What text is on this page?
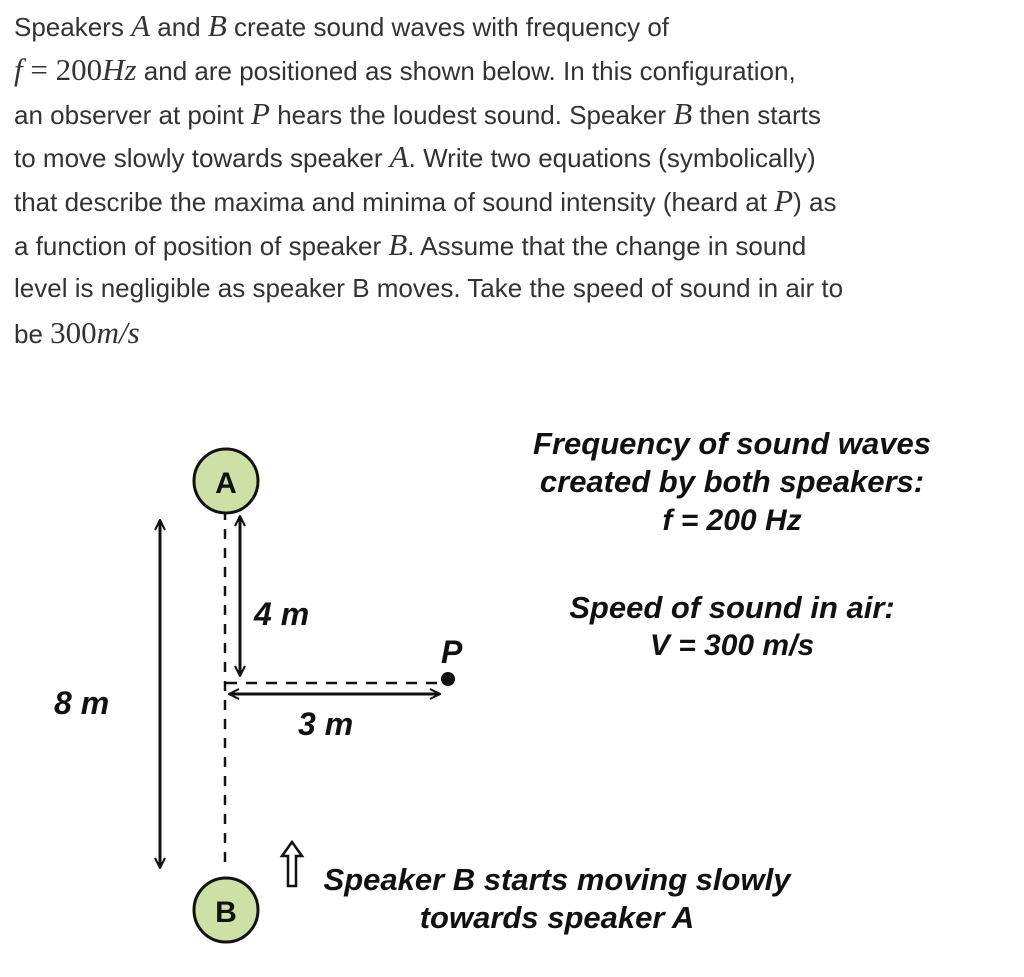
Speakers A and B create sound waves with frequency of
f = 200Hz and are positioned as shown below. In this configuration,
an observer at point P hears the loudest sound. Speaker B then starts
to move slowly towards speaker A. Write two equations (symbolically)
that describe the maxima and minima of sound intensity (heard at P) as
a function of position of speaker B. Assume that the change in sound
level is negligible as speaker B moves. Take the speed of sound in air to
be 300m/s
A
B
4 m
3 m
8 m
P
Frequency of sound waves
created by both speakers:
f = 200 Hz
Speed of sound in air:
V = 300 m/s
Speaker B starts moving slowly
towards speaker A
